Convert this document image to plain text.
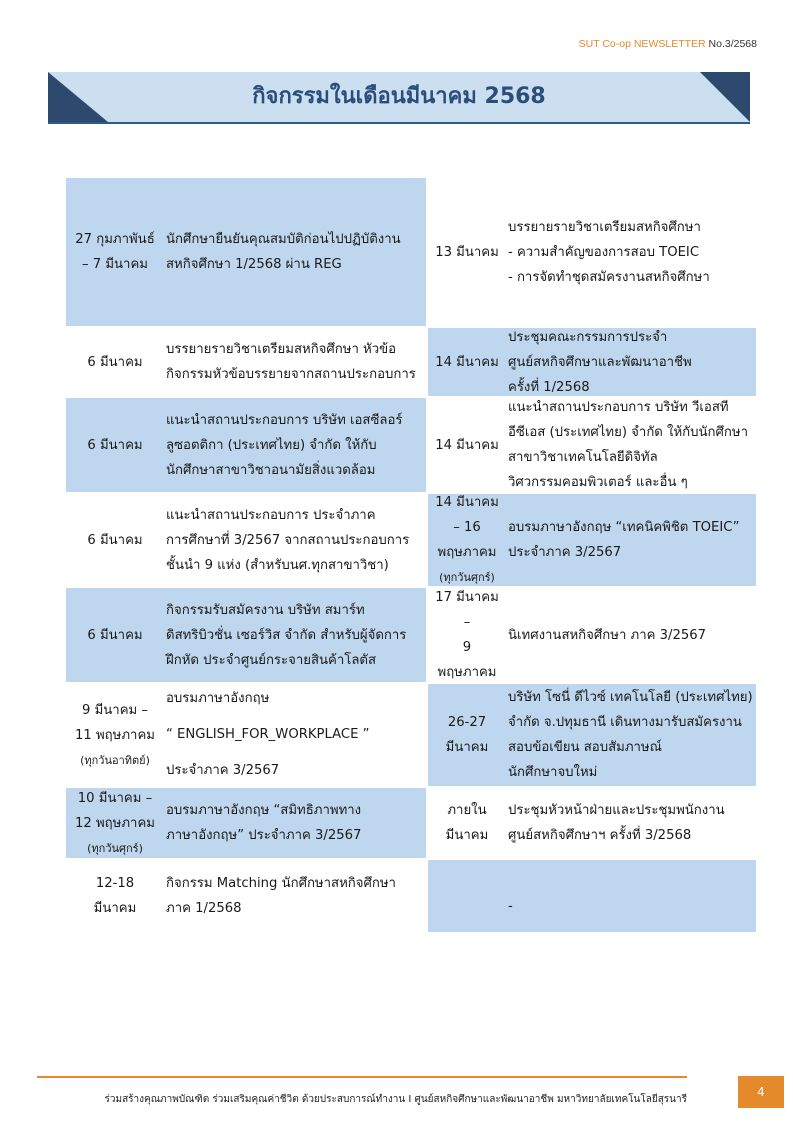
SUT Co-op NEWSLETTER No.3/2568
กิจกรรมในเดือนมีนาคม 2568
27 กุมภาพันธ์
– 7 มีนาคม
นักศึกษายืนยันคุณสมบัติก่อนไปปฏิบัติงาน
สหกิจศึกษา 1/2568 ผ่าน REG
13 มีนาคม
บรรยายรายวิชาเตรียมสหกิจศึกษา
- ความสำคัญของการสอบ TOEIC
- การจัดทำชุดสมัครงานสหกิจศึกษา
6 มีนาคม
บรรยายรายวิชาเตรียมสหกิจศึกษา หัวข้อ
กิจกรรมหัวข้อบรรยายจากสถานประกอบการ
14 มีนาคม
ประชุมคณะกรรมการประจำ
ศูนย์สหกิจศึกษาและพัฒนาอาชีพ
ครั้งที่ 1/2568
6 มีนาคม
แนะนำสถานประกอบการ บริษัท เอสซีลอร์
ลูซอตติกา (ประเทศไทย) จำกัด ให้กับ
นักศึกษาสาขาวิชาอนามัยสิ่งแวดล้อม
14 มีนาคม
แนะนำสถานประกอบการ บริษัท วีเอสที
อีซีเอส (ประเทศไทย) จำกัด ให้กับนักศึกษา
สาขาวิชาเทคโนโลยีดิจิทัล
วิศวกรรมคอมพิวเตอร์ และอื่น ๆ
6 มีนาคม
แนะนำสถานประกอบการ ประจำภาค
การศึกษาที่ 3/2567 จากสถานประกอบการ
ชั้นนำ 9 แห่ง (สำหรับนศ.ทุกสาขาวิชา)
14 มีนาคม
– 16
พฤษภาคม
(ทุกวันศุกร์)
อบรมภาษาอังกฤษ “เทคนิคพิชิต TOEIC”
ประจำภาค 3/2567
6 มีนาคม
กิจกรรมรับสมัครงาน บริษัท สมาร์ท
ดิสทริบิวชั่น เซอร์วิส จำกัด สำหรับผู้จัดการ
ฝึกหัด ประจำศูนย์กระจายสินค้าโลตัส
17 มีนาคม
–
9
พฤษภาคม
นิเทศงานสหกิจศึกษา ภาค 3/2567
9 มีนาคม –
11 พฤษภาคม
(ทุกวันอาทิตย์)
อบรมภาษาอังกฤษ
“ ENGLISH_FOR_WORKPLACE ”
ประจำภาค 3/2567
26-27
มีนาคม
บริษัท โซนี่ ดีไวซ์ เทคโนโลยี (ประเทศไทย)
จำกัด จ.ปทุมธานี เดินทางมารับสมัครงาน
สอบข้อเขียน สอบสัมภาษณ์
นักศึกษาจบใหม่
10 มีนาคม –
12 พฤษภาคม
(ทุกวันศุกร์)
อบรมภาษาอังกฤษ “สมิทธิภาพทาง
ภาษาอังกฤษ” ประจำภาค 3/2567
ภายใน
มีนาคม
ประชุมหัวหน้าฝ่ายและประชุมพนักงาน
ศูนย์สหกิจศึกษาฯ ครั้งที่ 3/2568
12-18
มีนาคม
กิจกรรม Matching นักศึกษาสหกิจศึกษา
ภาค 1/2568	-
ร่วมสร้างคุณภาพบัณฑิต ร่วมเสริมคุณค่าชีวิต ด้วยประสบการณ์ทำงาน I ศูนย์สหกิจศึกษาและพัฒนาอาชีพ มหาวิทยาลัยเทคโนโลยีสุรนารี
4
